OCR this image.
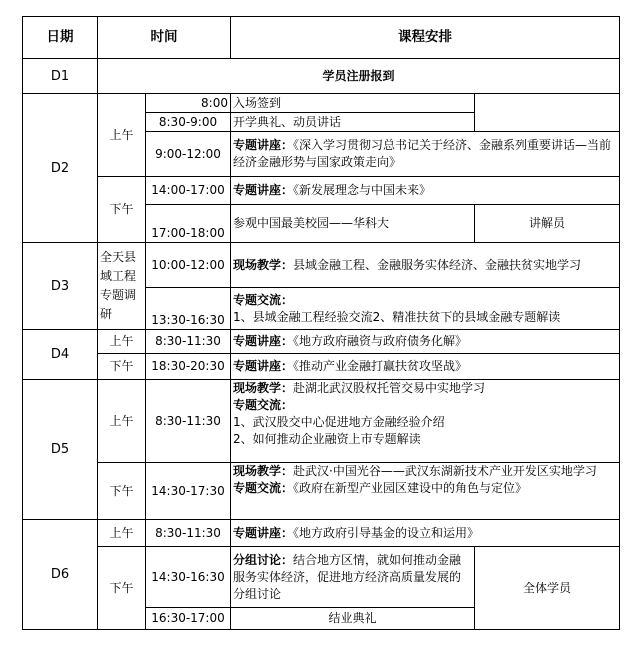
日期	时间		课程安排	
D1	学员注册报到			
D2	上午	8:00	入场签到	
		8:30-9:00	开学典礼、动员讲话	
		9:00-12:00	专题讲座：《深入学习贯彻习总书记关于经济、金融系列重要讲话—当前经济金融形势与国家政策走向》	
	下午	14:00-17:00	专题讲座：《新发展理念与中国未来》	
		17:00-18:00	参观中国最美校园——华科大	讲解员
D3	全天县域工程专题调研	10:00-12:00	现场教学：县域金融工程、金融服务实体经济、金融扶贫实地学习	
		13:30-16:30	专题交流：
1、县域金融工程经验交流2、精准扶贫下的县域金融专题解读	

D4	上午	8:30-11:30	专题讲座：《地方政府融资与政府债务化解》	
	下午	18:30-20:30	专题讲座：《推动产业金融打赢扶贫攻坚战》	
D5	上午	8:30-11:30	现场教学：赴湖北武汉股权托管交易中实地学习
专题交流：
1、武汉股交中心促进地方金融经验介绍
2、如何推动企业融资上市专题解读	

	下午	14:30-17:30	现场教学：赴武汉·中国光谷——武汉东湖新技术产业开发区实地学习
专题交流：《政府在新型产业园区建设中的角色与定位》	

D6	上午	8:30-11:30	专题讲座：《地方政府引导基金的设立和运用》	
	下午	14:30-16:30	分组讨论：结合地方区情，就如何推动金融服务实体经济，促进地方经济高质量发展的分组讨论	全体学员
		16:30-17:00	结业典礼	
